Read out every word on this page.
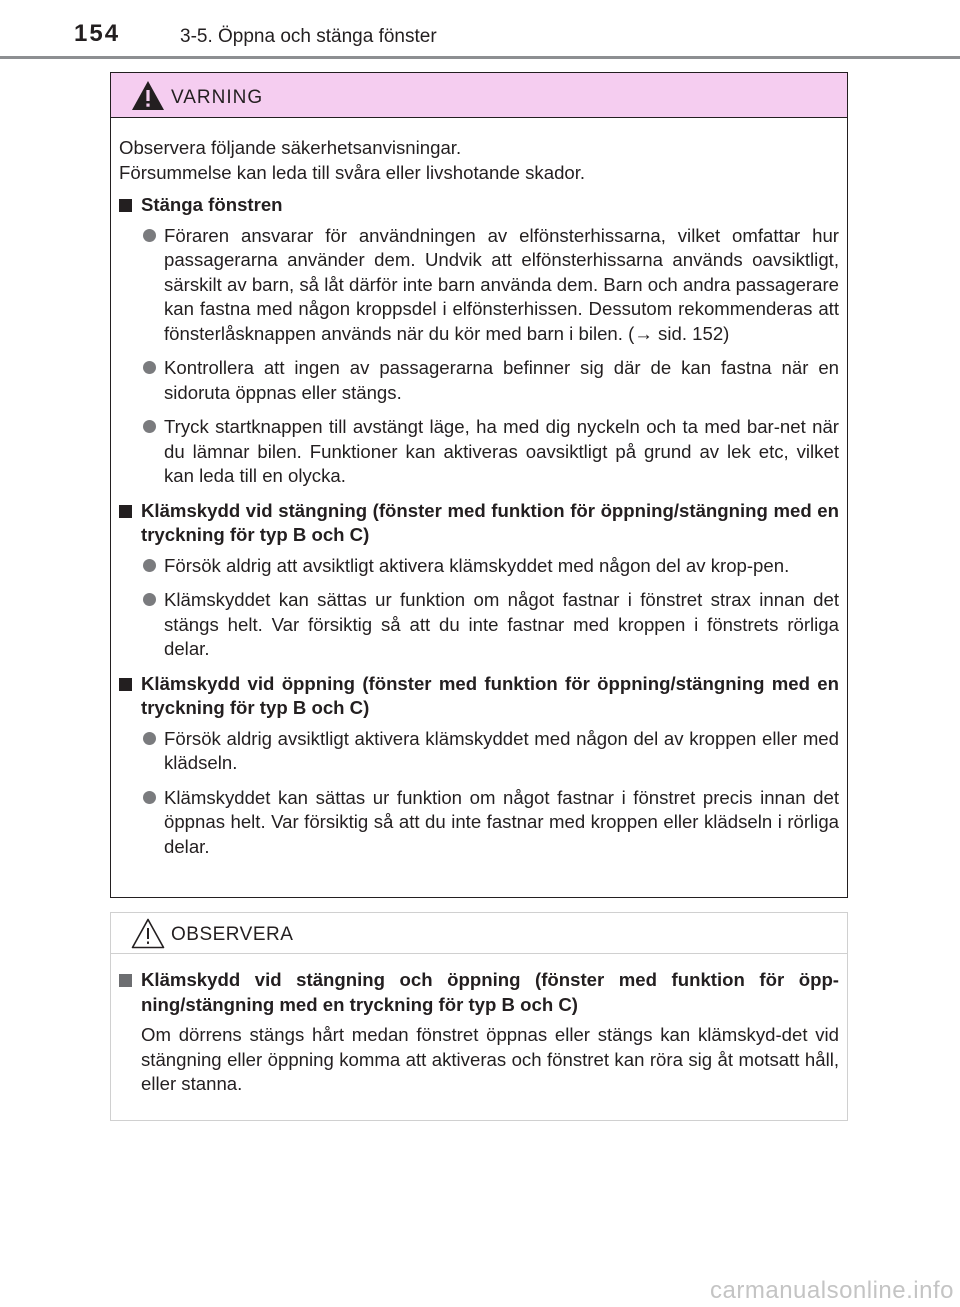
154	3-5. Öppna och stänga fönster
VARNING

Observera följande säkerhetsanvisningar.
Försummelse kan leda till svåra eller livshotande skador.

Stänga fönstren
Föraren ansvarar för användningen av elfönsterhissarna, vilket omfattar hur passagerarna använder dem. Undvik att elfönsterhissarna används oavsiktligt, särskilt av barn, så låt därför inte barn använda dem. Barn och andra passagerare kan fastna med någon kroppsdel i elfönsterhissen. Dessutom rekommenderas att fönsterlåsknappen används när du kör med barn i bilen. (→ sid. 152)
Kontrollera att ingen av passagerarna befinner sig där de kan fastna när en sidoruta öppnas eller stängs.
Tryck startknappen till avstängt läge, ha med dig nyckeln och ta med bar-net när du lämnar bilen. Funktioner kan aktiveras oavsiktligt på grund av lek etc, vilket kan leda till en olycka.
Klämskydd vid stängning (fönster med funktion för öppning/stängning med en tryckning för typ B och C)
Försök aldrig att avsiktligt aktivera klämskyddet med någon del av krop-pen.
Klämskyddet kan sättas ur funktion om något fastnar i fönstret strax innan det stängs helt. Var försiktig så att du inte fastnar med kroppen i fönstrets rörliga delar.
Klämskydd vid öppning (fönster med funktion för öppning/stängning med en tryckning för typ B och C)
Försök aldrig avsiktligt aktivera klämskyddet med någon del av kroppen eller med klädseln.
Klämskyddet kan sättas ur funktion om något fastnar i fönstret precis innan det öppnas helt. Var försiktig så att du inte fastnar med kroppen eller klädseln i rörliga delar.
OBSERVERA
Klämskydd vid stängning och öppning (fönster med funktion för öpp-ning/stängning med en tryckning för typ B och C)

Om dörrens stängs hårt medan fönstret öppnas eller stängs kan klämskyd-det vid stängning eller öppning komma att aktiveras och fönstret kan röra sig åt motsatt håll, eller stanna.

carmanualsonline.info
